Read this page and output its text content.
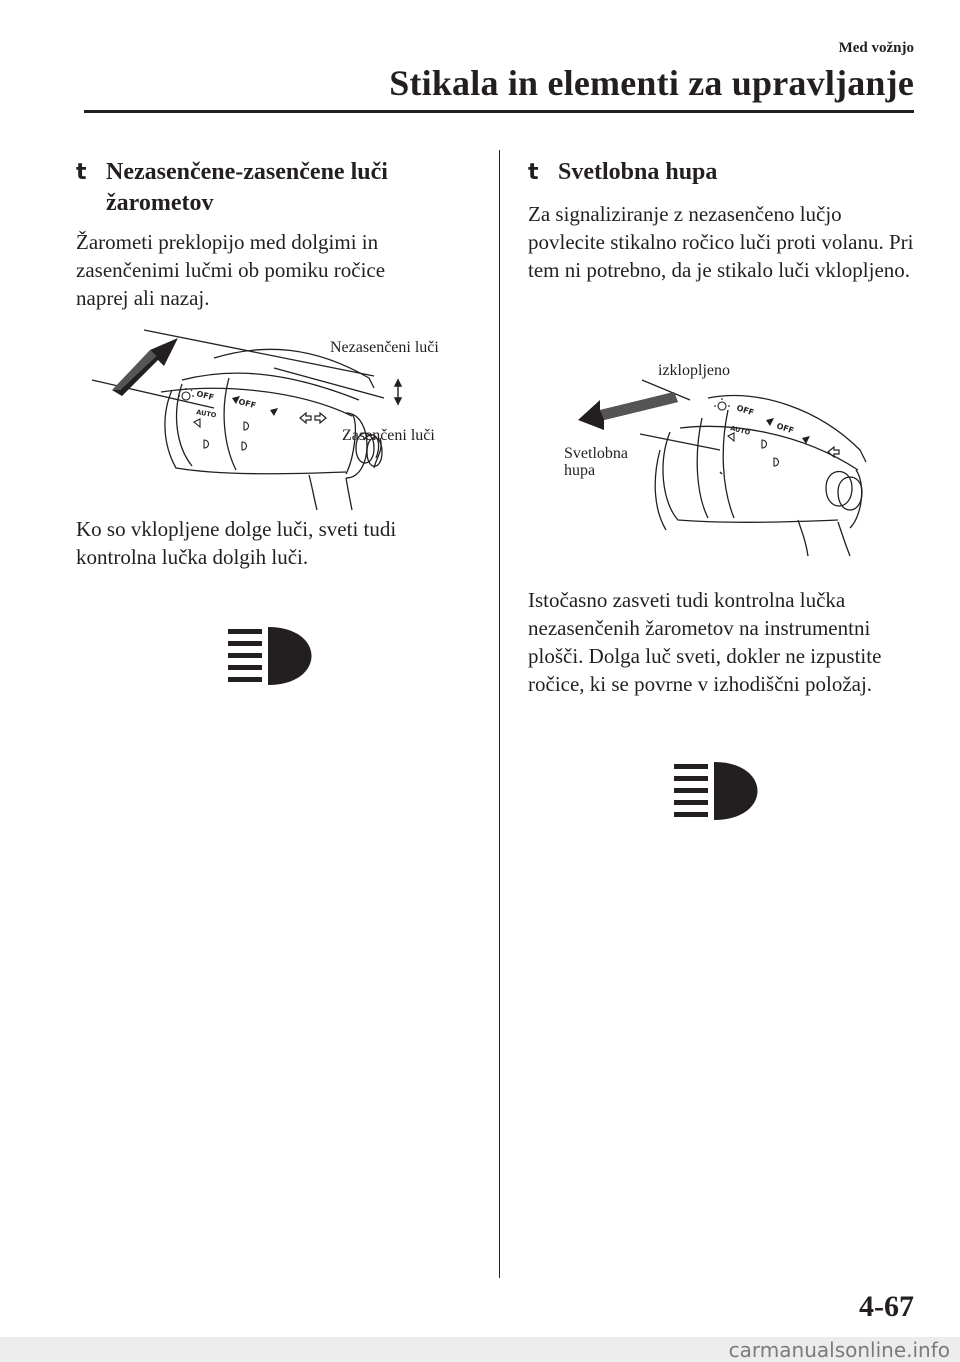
Med vožnjo
Stikala in elementi za upravljanje
t Nezasenčene-zasenčene luči žarometov
Žarometi preklopijo med dolgimi in zasenčenimi lučmi ob pomiku ročice naprej ali nazaj.
OFF
OFF
AUTO
Nezasenčeni luči
Zasenčeni luči
Ko so vklopljene dolge luči, sveti tudi kontrolna lučka dolgih luči.
t Svetlobna hupa
Za signaliziranje z nezasenčeno lučjo povlecite stikalno ročico luči proti volanu. Pri tem ni potrebno, da je stikalo luči vklopljeno.
OFF
OFF
AUTO
izklopljeno
Svetlobna
hupa
Istočasno zasveti tudi kontrolna lučka nezasenčenih žarometov na instrumentni plošči. Dolga luč sveti, dokler ne izpustite ročice, ki se povrne v izhodiščni položaj.
4-67
carmanualsonline.info
